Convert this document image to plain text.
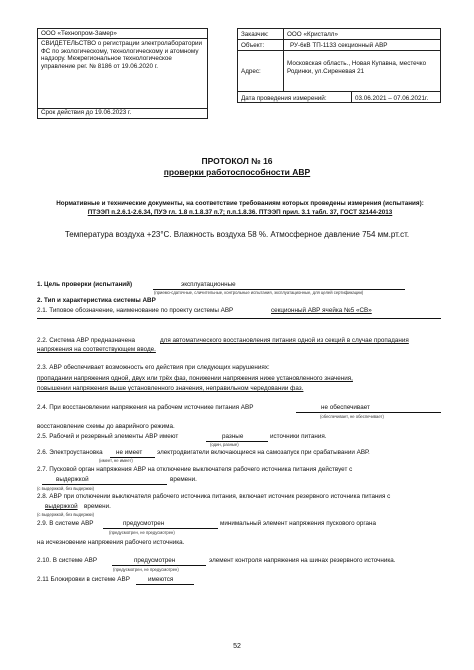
ООО «Технопром-Замер»
СВИДЕТЕЛЬСТВО о регистрации электролаборатории ФС по экологическому, технологическому и атомному надзору. Межрегиональное технологическое управление рег. № 8186 от 19.06.2020 г.
Срок действия до 19.06.2023 г.
Заказчик:	ООО «Кристалл»
Объект:	РУ-6кВ ТП-1133 секционный АВР
Адрес:
Московская область., Новая Купавна, местечко Родинки, ул.Сиреневая 21
Дата проведения измерений:	03.06.2021 – 07.06.2021г.
ПРОТОКОЛ № 16
проверки работоспособности АВР
Нормативные и технические документы, на соответствие требованиям которых проведены измерения (испытания):
ПТЭЭП п.2.6.1-2.6.34, ПУЭ гл. 1.8 п.1.8.37 п.7; п.п.1.8.36. ПТЭЭП прил. 3.1 табл. 37, ГОСТ 32144-2013
Температура воздуха +23°С. Влажность воздуха 58 %. Атмосферное давление 754 мм.рт.ст.
1. Цель проверки (испытаний)	эксплуатационные
(приемо-сдаточные, сличительные, контрольные испытания, эксплуатационные, для целей сертификации)
2. Тип и характеристика системы АВР
2.1. Типовое обозначение, наименование по проекту системы АВР	секционный АВР ячейка №5 «СВ»
2.2. Система АВР предназначена	для автоматического восстановления питания одной из секций в случае пропадания
напряжения на соответствующем вводе.
2.3. АВР обеспечивает возможность его действия при следующих нарушениях:
пропадании напряжения одной, двух или трёх фаз, понижении напряжения ниже установленного значения,
повышении напряжения выше установленного значения, неправильном чередовании фаз.
2.4. При восстановлении напряжения на рабочем источнике питания АВР	не обеспечивает
(обеспечивает, не обеспечивает)
восстановление схемы до аварийного режима.
2.5. Рабочий и резервный элементы АВР имеют	разные	источники питания.
(один, разные)
2.6. Электроустановка	не имеет	электродвигатели включающиеся на самозапуск при срабатывании АВР.
(имеет, не имеет)
2.7. Пусковой орган напряжения АВР на отключение выключателя рабочего источника питания действует с
выдержкой	времени.
(с выдержкой, без выдержки)
2.8. АВР при отключении выключателя рабочего источника питания, включает источник резервного источника питания с
выдержкой времени.
(с выдержкой, без выдержки)
2.9. В системе АВР	предусмотрен	минимальный элемент напряжения пускового органа
(предусмотрен, не предусмотрен)
на исчезновение напряжения рабочего источника.
2.10. В системе АВР	предусмотрен	элемент контроля напряжения на шинах резервного источника.
(предусмотрен, не предусмотрен)
2.11 Блокировки в системе АВР	имеются
52
